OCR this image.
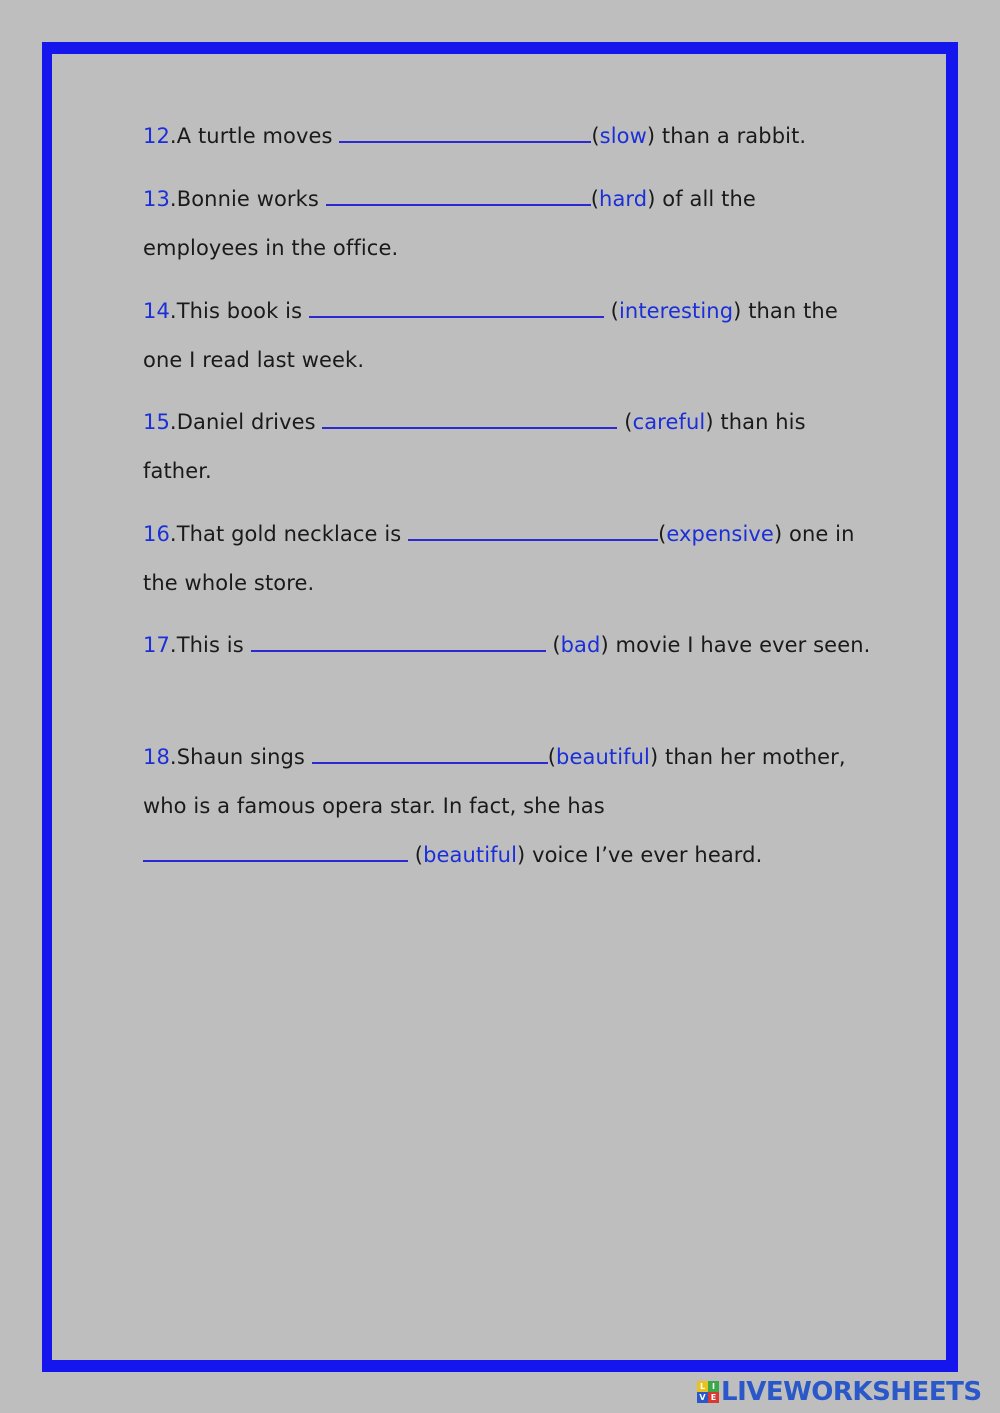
12.A turtle moves	(slow) than a rabbit.
13.Bonnie works	(hard) of all the employees in the office.
14.This book is	(interesting) than the one I read last week.
15.Daniel drives	(careful) than his father.
16.That gold necklace is	(expensive) one in the whole store.
17.This is	(bad) movie I have ever seen.
18.Shaun sings	(beautiful) than her mother, who is a famous opera star. In fact, she has  (beautiful) voice I’ve ever heard.
L I
V E LIVEWORKSHEETS
